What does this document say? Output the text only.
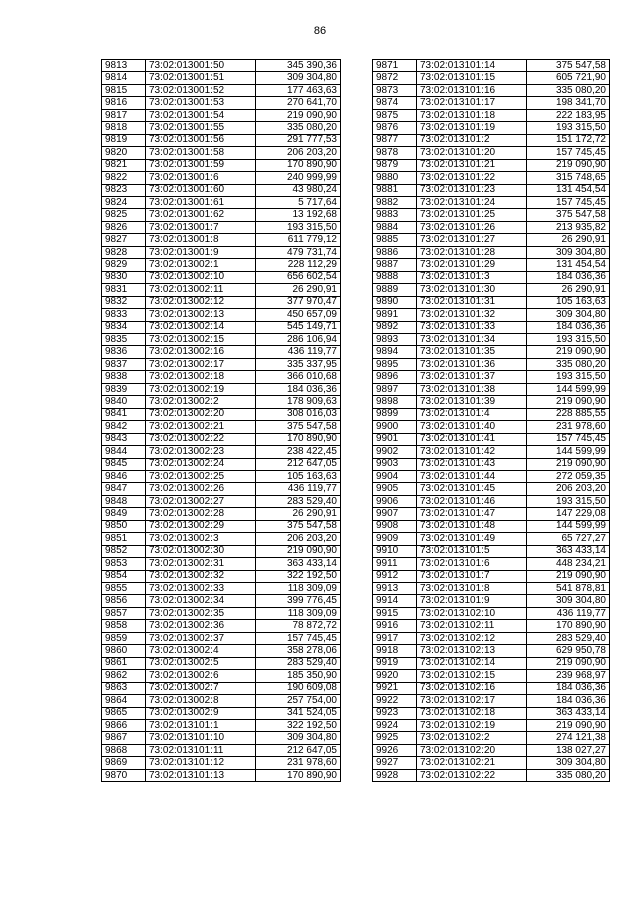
86
9813	73:02:013001:50	345 390,36
9814	73:02:013001:51	309 304,80
9815	73:02:013001:52	177 463,63
9816	73:02:013001:53	270 641,70
9817	73:02:013001:54	219 090,90
9818	73:02:013001:55	335 080,20
9819	73:02:013001:56	291 777,53
9820	73:02:013001:58	206 203,20
9821	73:02:013001:59	170 890,90
9822	73:02:013001:6	240 999,99
9823	73:02:013001:60	43 980,24
9824	73:02:013001:61	5 717,64
9825	73:02:013001:62	13 192,68
9826	73:02:013001:7	193 315,50
9827	73:02:013001:8	611 779,12
9828	73:02:013001:9	479 731,74
9829	73:02:013002:1	228 112,29
9830	73:02:013002:10	656 602,54
9831	73:02:013002:11	26 290,91
9832	73:02:013002:12	377 970,47
9833	73:02:013002:13	450 657,09
9834	73:02:013002:14	545 149,71
9835	73:02:013002:15	286 106,94
9836	73:02:013002:16	436 119,77
9837	73:02:013002:17	335 337,95
9838	73:02:013002:18	366 010,68
9839	73:02:013002:19	184 036,36
9840	73:02:013002:2	178 909,63
9841	73:02:013002:20	308 016,03
9842	73:02:013002:21	375 547,58
9843	73:02:013002:22	170 890,90
9844	73:02:013002:23	238 422,45
9845	73:02:013002:24	212 647,05
9846	73:02:013002:25	105 163,63
9847	73:02:013002:26	436 119,77
9848	73:02:013002:27	283 529,40
9849	73:02:013002:28	26 290,91
9850	73:02:013002:29	375 547,58
9851	73:02:013002:3	206 203,20
9852	73:02:013002:30	219 090,90
9853	73:02:013002:31	363 433,14
9854	73:02:013002:32	322 192,50
9855	73:02:013002:33	118 309,09
9856	73:02:013002:34	399 776,45
9857	73:02:013002:35	118 309,09
9858	73:02:013002:36	78 872,72
9859	73:02:013002:37	157 745,45
9860	73:02:013002:4	358 278,06
9861	73:02:013002:5	283 529,40
9862	73:02:013002:6	185 350,90
9863	73:02:013002:7	190 609,08
9864	73:02:013002:8	257 754,00
9865	73:02:013002:9	341 524,05
9866	73:02:013101:1	322 192,50
9867	73:02:013101:10	309 304,80
9868	73:02:013101:11	212 647,05
9869	73:02:013101:12	231 978,60
9870	73:02:013101:13	170 890,90
9871	73:02:013101:14	375 547,58
9872	73:02:013101:15	605 721,90
9873	73:02:013101:16	335 080,20
9874	73:02:013101:17	198 341,70
9875	73:02:013101:18	222 183,95
9876	73:02:013101:19	193 315,50
9877	73:02:013101:2	151 172,72
9878	73:02:013101:20	157 745,45
9879	73:02:013101:21	219 090,90
9880	73:02:013101:22	315 748,65
9881	73:02:013101:23	131 454,54
9882	73:02:013101:24	157 745,45
9883	73:02:013101:25	375 547,58
9884	73:02:013101:26	213 935,82
9885	73:02:013101:27	26 290,91
9886	73:02:013101:28	309 304,80
9887	73:02:013101:29	131 454,54
9888	73:02:013101:3	184 036,36
9889	73:02:013101:30	26 290,91
9890	73:02:013101:31	105 163,63
9891	73:02:013101:32	309 304,80
9892	73:02:013101:33	184 036,36
9893	73:02:013101:34	193 315,50
9894	73:02:013101:35	219 090,90
9895	73:02:013101:36	335 080,20
9896	73:02:013101:37	193 315,50
9897	73:02:013101:38	144 599,99
9898	73:02:013101:39	219 090,90
9899	73:02:013101:4	228 885,55
9900	73:02:013101:40	231 978,60
9901	73:02:013101:41	157 745,45
9902	73:02:013101:42	144 599,99
9903	73:02:013101:43	219 090,90
9904	73:02:013101:44	272 059,35
9905	73:02:013101:45	206 203,20
9906	73:02:013101:46	193 315,50
9907	73:02:013101:47	147 229,08
9908	73:02:013101:48	144 599,99
9909	73:02:013101:49	65 727,27
9910	73:02:013101:5	363 433,14
9911	73:02:013101:6	448 234,21
9912	73:02:013101:7	219 090,90
9913	73:02:013101:8	541 878,81
9914	73:02:013101:9	309 304,80
9915	73:02:013102:10	436 119,77
9916	73:02:013102:11	170 890,90
9917	73:02:013102:12	283 529,40
9918	73:02:013102:13	629 950,78
9919	73:02:013102:14	219 090,90
9920	73:02:013102:15	239 968,97
9921	73:02:013102:16	184 036,36
9922	73:02:013102:17	184 036,36
9923	73:02:013102:18	363 433,14
9924	73:02:013102:19	219 090,90
9925	73:02:013102:2	274 121,38
9926	73:02:013102:20	138 027,27
9927	73:02:013102:21	309 304,80
9928	73:02:013102:22	335 080,20
